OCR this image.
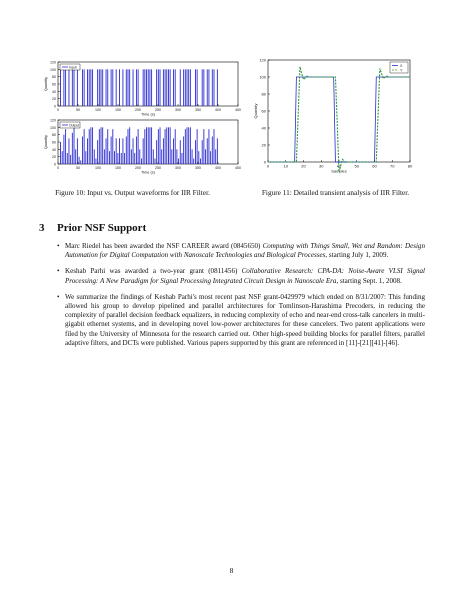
0
20
40
60
80
100
120
0	50	100	150	200	250	300	350	400	450
Time (s)
Quantity
Input
0
20
40
60
80
100
120
0	50	100	150	200	250	300	350	400	450
Time (s)
Quantity
Output
0
20
40
60
80
100
120
0	10	20	30	40	50	60	70	80
Samples
Quantity
X
Y
Figure 10: Input vs. Output waveforms for IIR Filter.	Figure 11: Detailed transient analysis of IIR Filter.
3 Prior NSF Support
• Marc Riedel has been awarded the NSF CAREER award (0845650) Computing with Things Small, Wet and Random: Design Automation for Digital Computation with Nanoscale Technologies and Biological Processes, starting July 1, 2009.
• Keshab Parhi was awarded a two-year grant (0811456) Collaborative Research: CPA-DA: Noise-Aware VLSI Signal Processing: A New Paradigm for Signal Processing Integrated Circuit Design in Nanoscale Era, starting Sept. 1, 2008.
• We summarize the findings of Keshab Parhi's most recent past NSF grant-0429979 which ended on 8/31/2007: This funding allowed his group to develop pipelined and parallel architectures for Tomlinson-Harashima Precoders, in reducing the complexity of parallel decision feedback equalizers, in reducing complexity of echo and near-end cross-talk cancelers in multi-gigabit ethernet systems, and in developing novel low-power architectures for these cancelers. Two patent applications were filed by the University of Minnesota for the research carried out. Other high-speed building blocks for parallel filters, parallel adaptive filters, and DCTs were published. Various papers supported by this grant are referenced in [11]-[21][41]-[46].
8
